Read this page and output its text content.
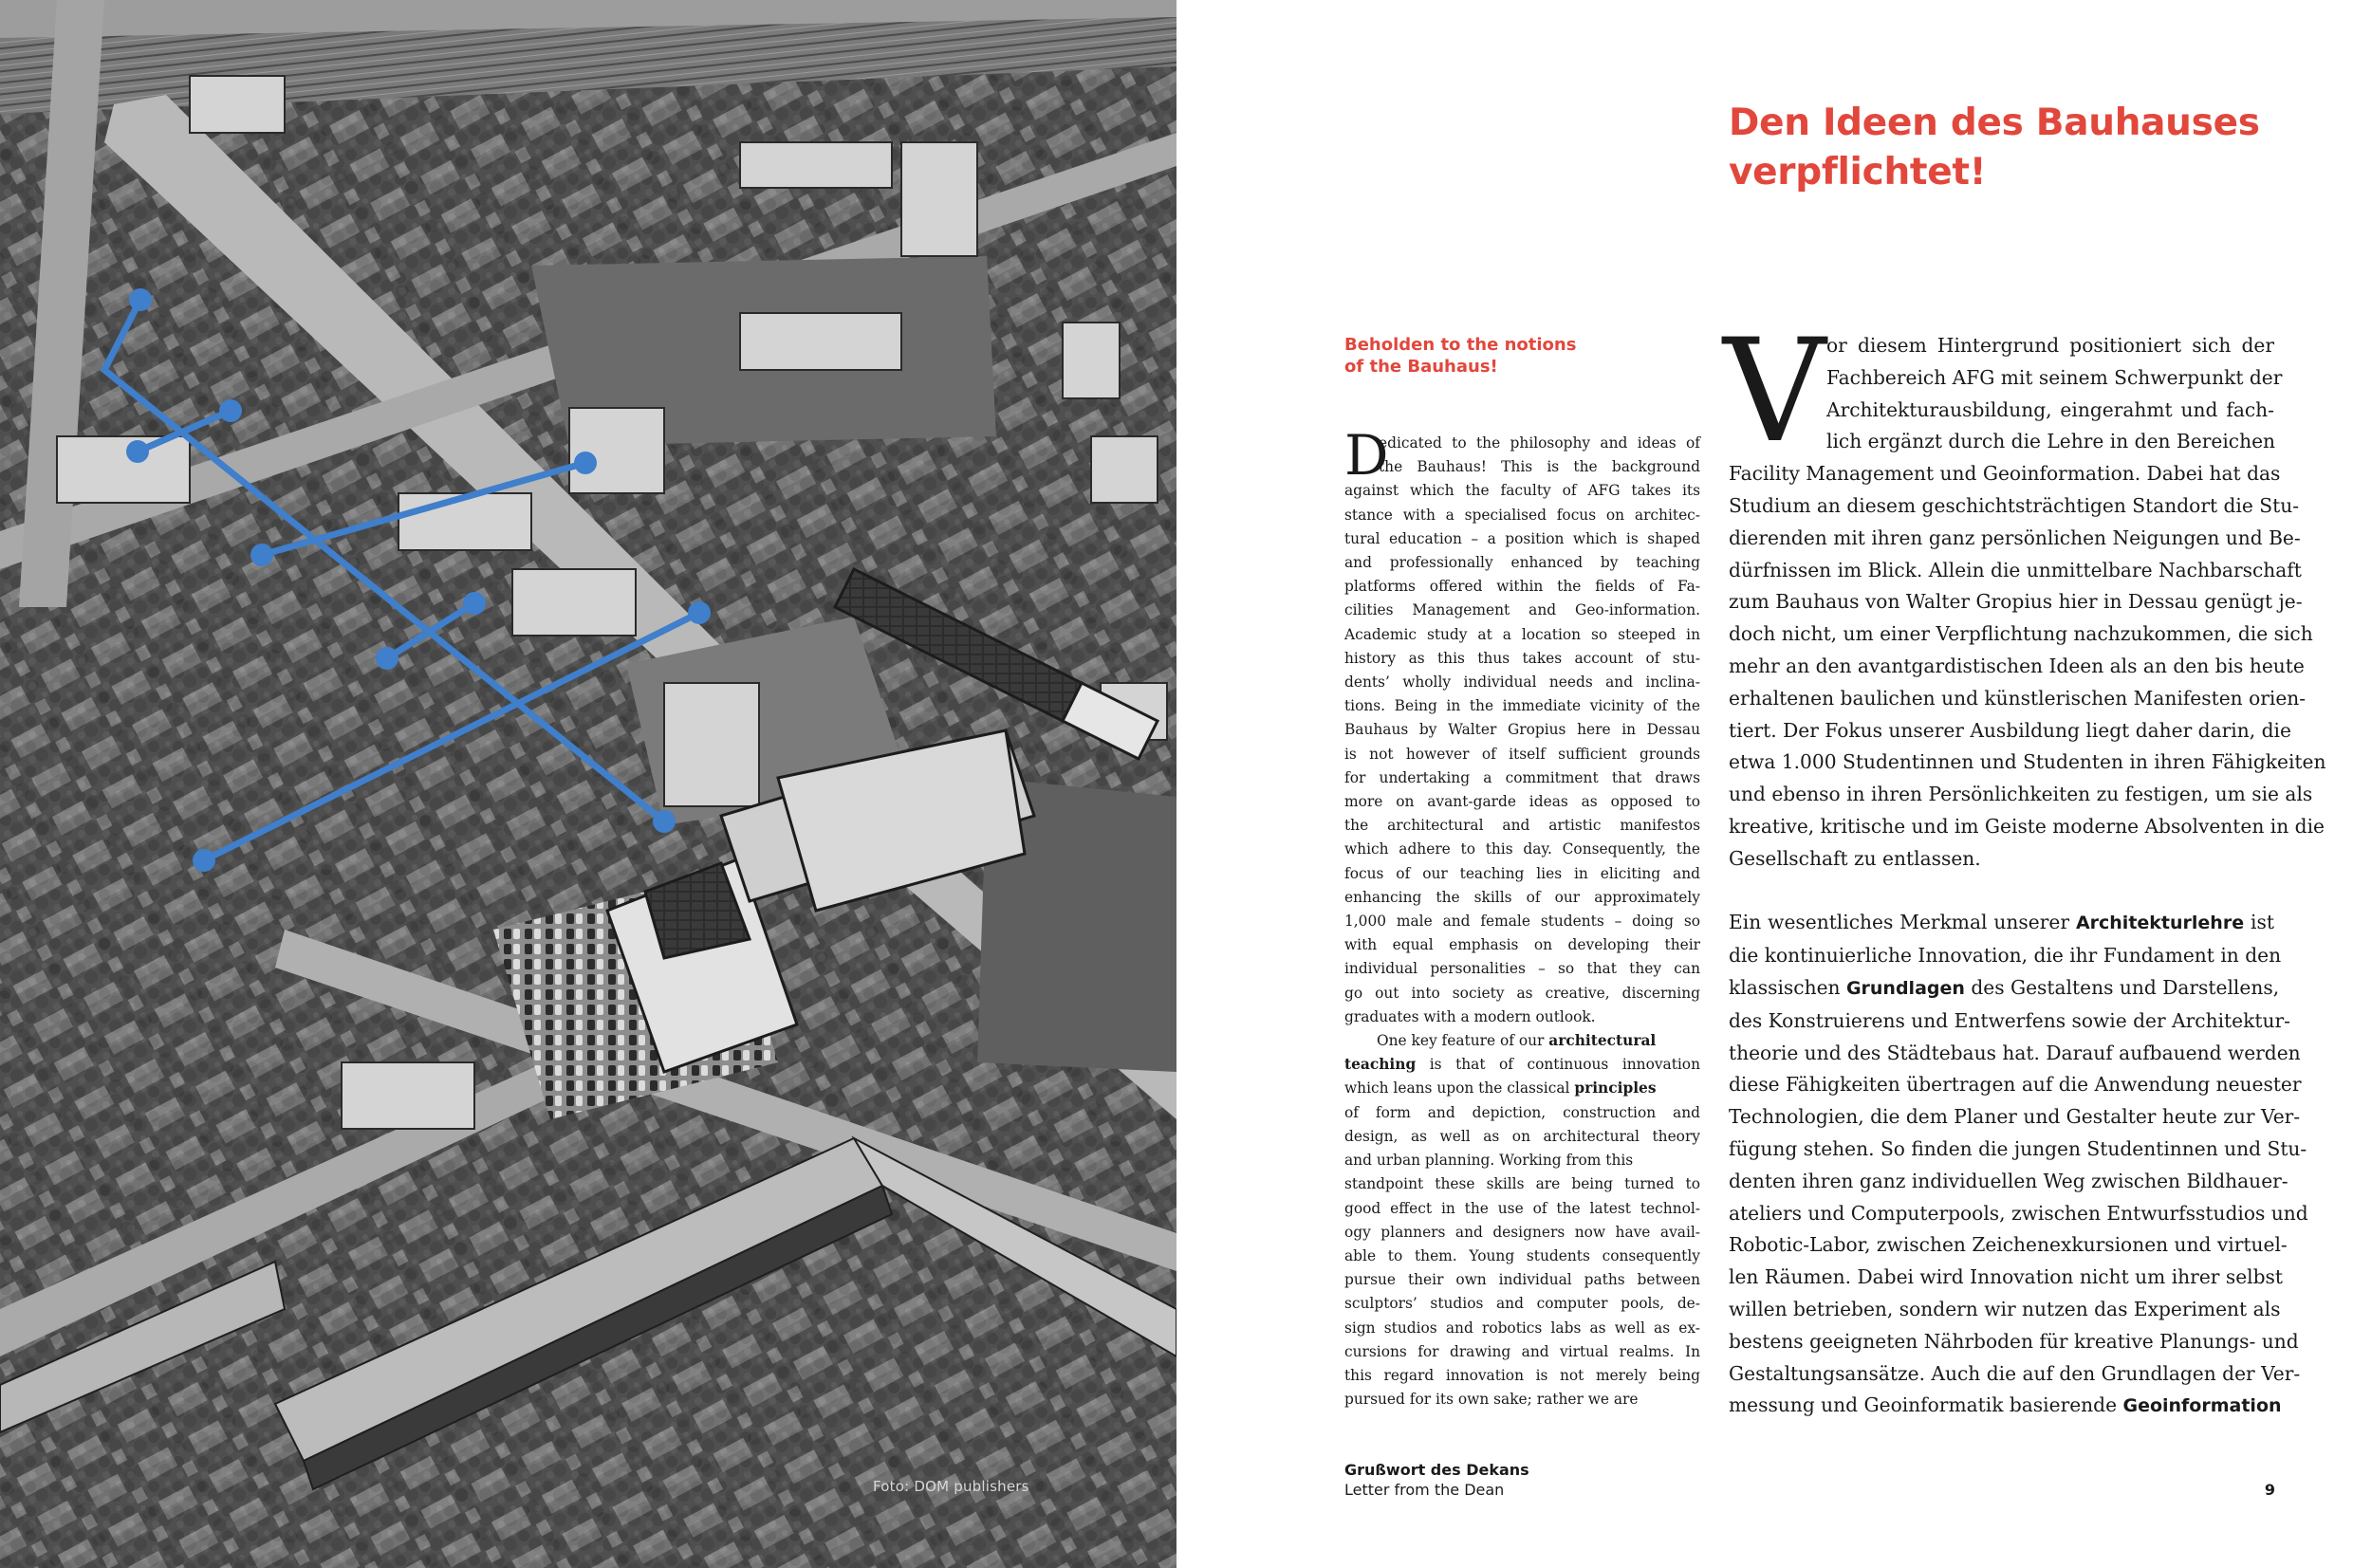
Foto: DOM publishers
Den Ideen des Bauhauses
verpflichtet!
Beholden to the notions
of the Bauhaus!
D
edicated to the philosophy and ideas of
the Bauhaus! This is the background
against which the faculty of AFG takes its
stance with a specialised focus on architec-
tural education – a position which is shaped
and professionally enhanced by teaching
platforms offered within the fields of Fa-
cilities Management and Geo-information.
Academic study at a location so steeped in
history as this thus takes account of stu-
dents’ wholly individual needs and inclina-
tions. Being in the immediate vicinity of the
Bauhaus by Walter Gropius here in Dessau
is not however of itself sufficient grounds
for undertaking a commitment that draws
more on avant-garde ideas as opposed to
the architectural and artistic manifestos
which adhere to this day. Consequently, the
focus of our teaching lies in eliciting and
enhancing the skills of our approximately
1,000 male and female students – doing so
with equal emphasis on developing their
individual personalities – so that they can
go out into society as creative, discerning
graduates with a modern outlook.
One key feature of our architectural
teaching is that of continuous innovation
which leans upon the classical principles
of form and depiction, construction and
design, as well as on architectural theory
and urban planning. Working from this
standpoint these skills are being turned to
good effect in the use of the latest technol-
ogy planners and designers now have avail-
able to them. Young students consequently
pursue their own individual paths between
sculptors’ studios and computer pools, de-
sign studios and robotics labs as well as ex-
cursions for drawing and virtual realms. In
this regard innovation is not merely being
pursued for its own sake; rather we are
V or diesem Hintergrund positioniert sich der
Fachbereich AFG mit seinem Schwerpunkt der
Architekturausbildung, eingerahmt und fach-
lich ergänzt durch die Lehre in den Bereichen
Facility Management und Geoinformation. Dabei hat das
Studium an diesem geschichtsträchtigen Standort die Stu-
dierenden mit ihren ganz persönlichen Neigungen und Be-
dürfnissen im Blick. Allein die unmittelbare Nachbarschaft
zum Bauhaus von Walter Gropius hier in Dessau genügt je-
doch nicht, um einer Verpflichtung nachzukommen, die sich
mehr an den avantgardistischen Ideen als an den bis heute
erhaltenen baulichen und künstlerischen Manifesten orien-
tiert. Der Fokus unserer Ausbildung liegt daher darin, die
etwa 1.000 Studentinnen und Studenten in ihren Fähigkeiten
und ebenso in ihren Persönlichkeiten zu festigen, um sie als
kreative, kritische und im Geiste moderne Absolventen in die
Gesellschaft zu entlassen.
Ein wesentliches Merkmal unserer Architekturlehre ist
die kontinuierliche Innovation, die ihr Fundament in den
klassischen Grundlagen des Gestaltens und Darstellens,
des Konstruierens und Entwerfens sowie der Architektur-
theorie und des Städtebaus hat. Darauf aufbauend werden
diese Fähigkeiten übertragen auf die Anwendung neuester
Technologien, die dem Planer und Gestalter heute zur Ver-
fügung stehen. So finden die jungen Studentinnen und Stu-
denten ihren ganz individuellen Weg zwischen Bildhauer-
ateliers und Computerpools, zwischen Entwurfsstudios und
Robotic-Labor, zwischen Zeichenexkursionen und virtuel-
len Räumen. Dabei wird Innovation nicht um ihrer selbst
willen betrieben, sondern wir nutzen das Experiment als
bestens geeigneten Nährboden für kreative Planungs- und
Gestaltungsansätze. Auch die auf den Grundlagen der Ver-
messung und Geoinformatik basierende Geoinformation
Grußwort des Dekans
Letter from the Dean	9
